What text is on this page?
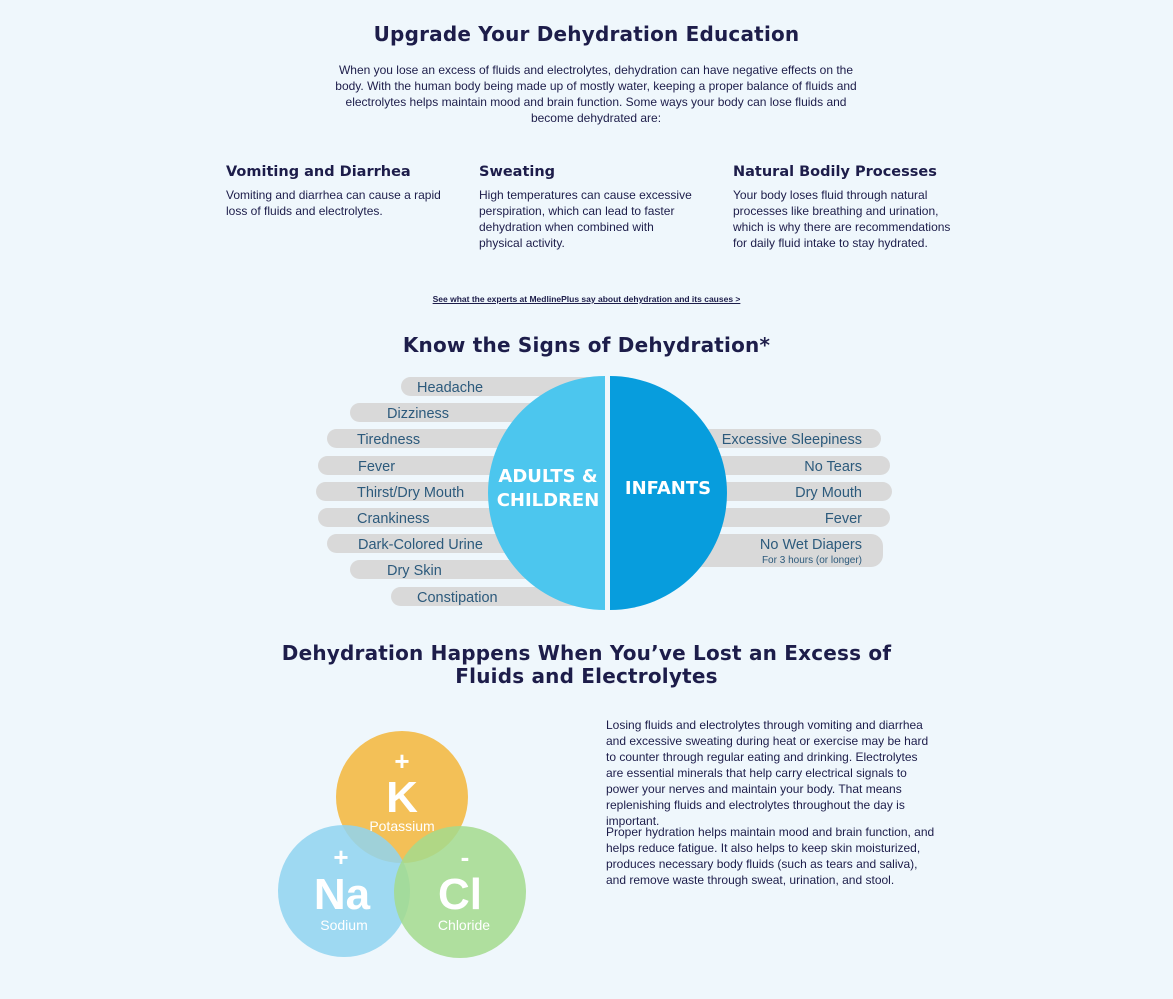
Upgrade Your Dehydration Education
When you lose an excess of fluids and electrolytes, dehydration can have negative effects on the body. With the human body being made up of mostly water, keeping a proper balance of fluids and electrolytes helps maintain mood and brain function. Some ways your body can lose fluids and become dehydrated are:
Vomiting and Diarrhea

Vomiting and diarrhea can cause a rapid loss of fluids and electrolytes.

Sweating

High temperatures can cause excessive perspiration, which can lead to faster dehydration when combined with physical activity.

Natural Bodily Processes

Your body loses fluid through natural processes like breathing and urination, which is why there are recommendations for daily fluid intake to stay hydrated.

See what the experts at MedlinePlus say about dehydration and its causes >
Know the Signs of Dehydration*
ADULTS &
CHILDREN
INFANTS
Headache
Dizziness
Tiredness
Fever
Thirst/Dry Mouth
Crankiness
Dark-Colored Urine
Dry Skin
Constipation
Excessive Sleepiness
No Tears
Dry Mouth
Fever
No Wet Diapers
For 3 hours (or longer)
Dehydration Happens When You’ve Lost an Excess of
Fluids and Electrolytes
+
K
Potassium
+
Na
Sodium
-
Cl
Chloride

Losing fluids and electrolytes through vomiting and diarrhea and excessive sweating during heat or exercise may be hard to counter through regular eating and drinking. Electrolytes are essential minerals that help carry electrical signals to power your nerves and maintain your body. That means replenishing fluids and electrolytes throughout the day is important.

Proper hydration helps maintain mood and brain function, and helps reduce fatigue. It also helps to keep skin moisturized, produces necessary body fluids (such as tears and saliva), and remove waste through sweat, urination, and stool.
